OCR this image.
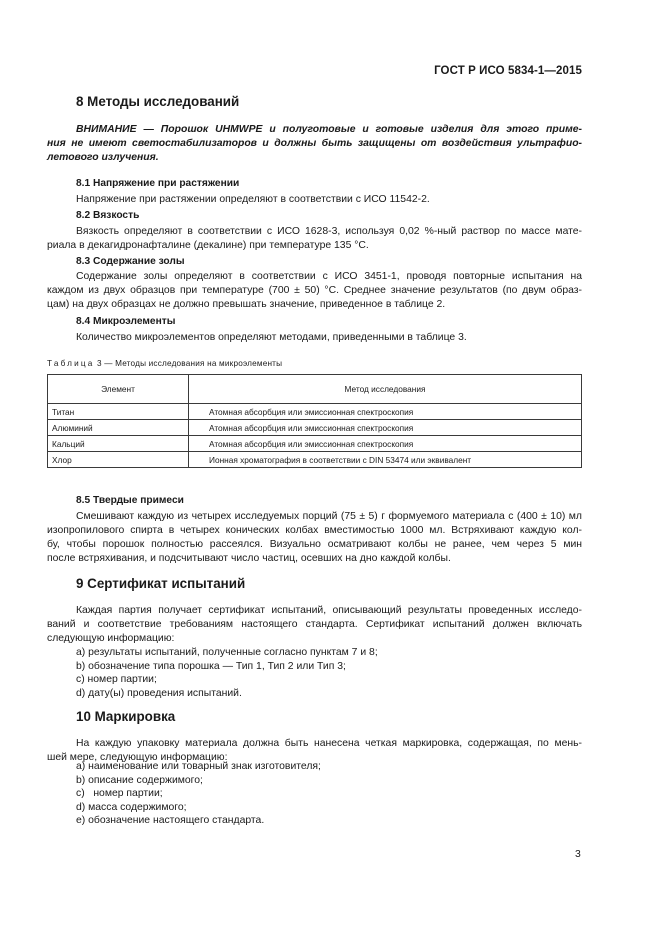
ГОСТ Р ИСО 5834-1—2015
8 Методы исследований
ВНИМАНИЕ — Порошок UHMWPE и полуготовые и готовые изделия для этого приме-
ния не имеют светостабилизаторов и должны быть защищены от воздействия ультрафио-
летового излучения.
8.1 Напряжение при растяжении
Напряжение при растяжении определяют в соответствии с ИСО 11542-2.
8.2 Вязкость
Вязкость определяют в соответствии с ИСО 1628-3, используя 0,02 %-ный раствор по массе мате-
риала в декагидронафталине (декалине) при температуре 135 °С.
8.3 Содержание золы
Содержание золы определяют в соответствии с ИСО 3451-1, проводя повторные испытания на
каждом из двух образцов при температуре (700 ± 50) °С. Среднее значение результатов (по двум образ-
цам) на двух образцах не должно превышать значение, приведенное в таблице 2.
8.4 Микроэлементы
Количество микроэлементов определяют методами, приведенными в таблице 3.
Таблица 3 — Методы исследования на микроэлементы
Элемент	Метод исследования
Титан	Атомная абсорбция или эмиссионная спектроскопия
Алюминий	Атомная абсорбция или эмиссионная спектроскопия
Кальций	Атомная абсорбция или эмиссионная спектроскопия
Хлор	Ионная хроматография в соответствии с DIN 53474 или эквивалент
8.5 Твердые примеси
Смешивают каждую из четырех исследуемых порций (75 ± 5) г формуемого материала с (400 ± 10) мл
изопропилового спирта в четырех конических колбах вместимостью 1000 мл. Встряхивают каждую кол-
бу, чтобы порошок полностью рассеялся. Визуально осматривают колбы не ранее, чем через 5 мин
после встряхивания, и подсчитывают число частиц, осевших на дно каждой колбы.
9 Сертификат испытаний
Каждая партия получает сертификат испытаний, описывающий результаты проведенных исследо-
ваний и соответствие требованиям настоящего стандарта. Сертификат испытаний должен включать
следующую информацию:
а) результаты испытаний, полученные согласно пунктам 7 и 8;
b) обозначение типа порошка — Тип 1, Тип 2 или Тип 3;
c) номер партии;
d) дату(ы) проведения испытаний.
10 Маркировка
На каждую упаковку материала должна быть нанесена четкая маркировка, содержащая, по мень-
шей мере, следующую информацию:
а) наименование или товарный знак изготовителя;
b) описание содержимого;
c)   номер партии;
d) масса содержимого;
e) обозначение настоящего стандарта.
3
